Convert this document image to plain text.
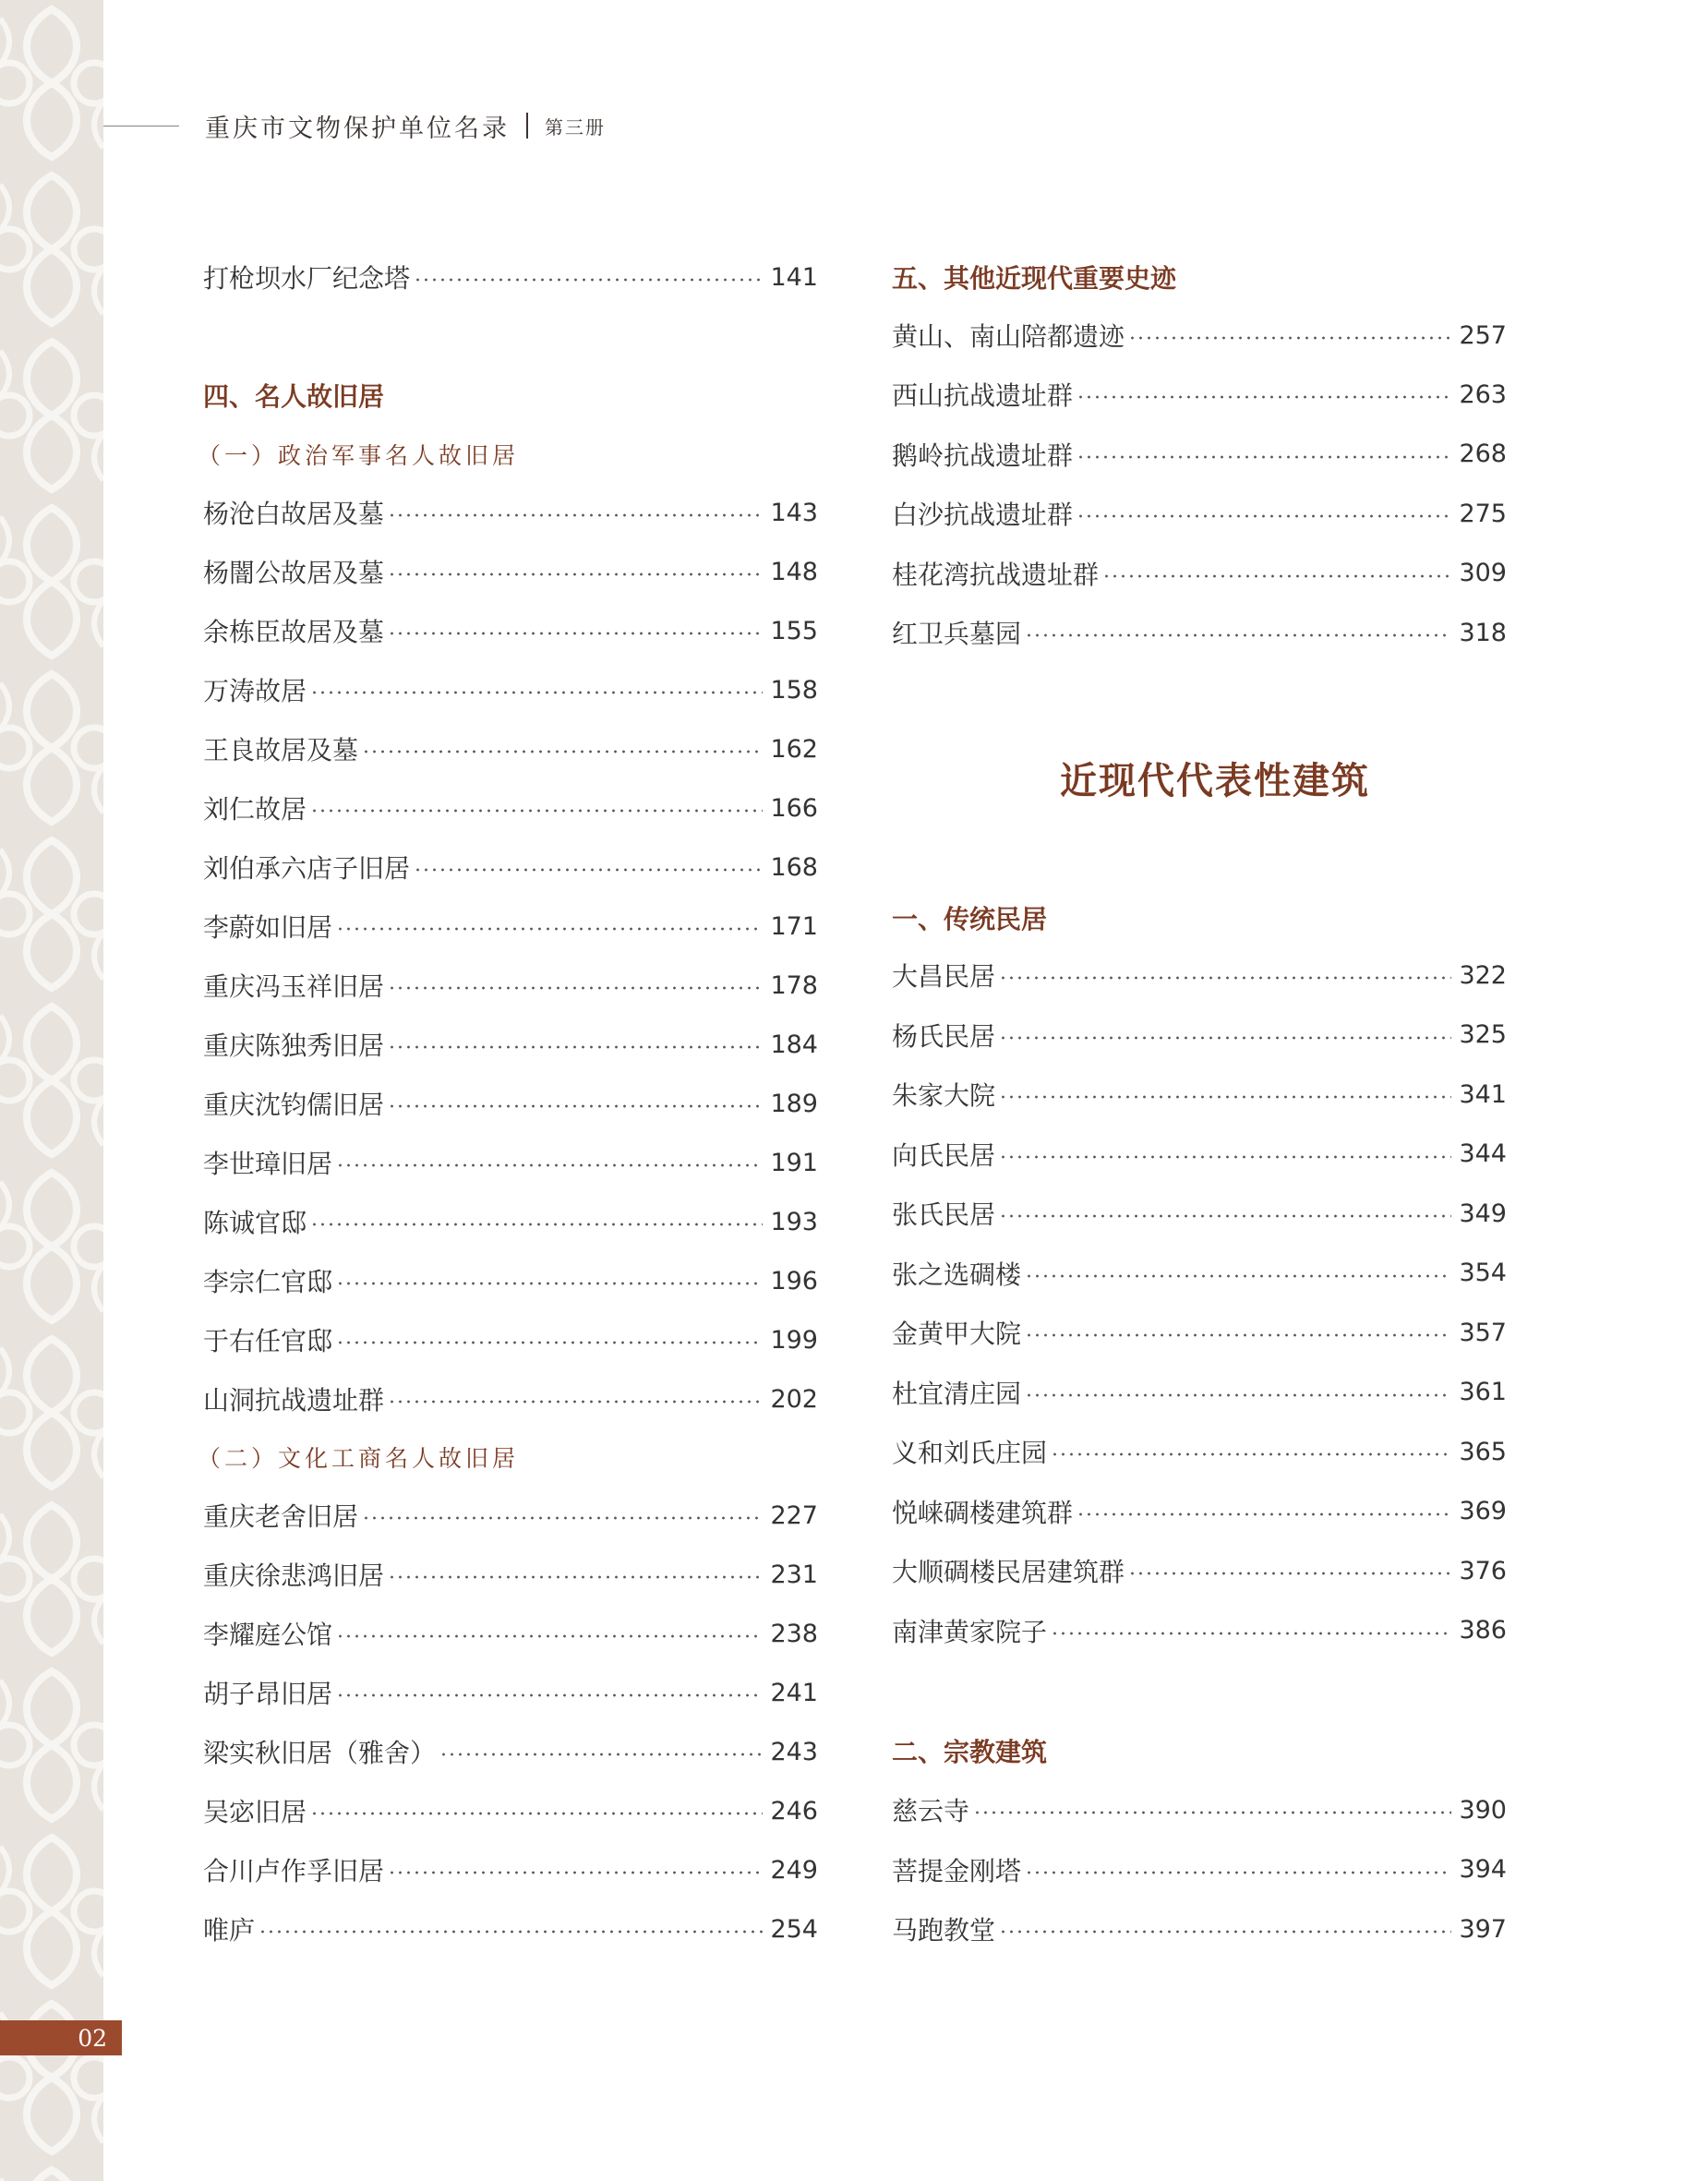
重庆市文物保护单位名录 第三册
打枪坝水厂纪念塔	141
四、名人故旧居
（一）政治军事名人故旧居
杨沧白故居及墓	143
杨闇公故居及墓	148
余栋臣故居及墓	155
万涛故居	158
王良故居及墓	162
刘仁故居	166
刘伯承六店子旧居	168
李蔚如旧居	171
重庆冯玉祥旧居	178
重庆陈独秀旧居	184
重庆沈钧儒旧居	189
李世璋旧居	191
陈诚官邸	193
李宗仁官邸	196
于右任官邸	199
山洞抗战遗址群	202
（二）文化工商名人故旧居
重庆老舍旧居	227
重庆徐悲鸿旧居	231
李耀庭公馆	238
胡子昂旧居	241
梁实秋旧居（雅舍）	243
吴宓旧居	246
合川卢作孚旧居	249
唯庐	254
五、其他近现代重要史迹
黄山、南山陪都遗迹	257
西山抗战遗址群	263
鹅岭抗战遗址群	268
白沙抗战遗址群	275
桂花湾抗战遗址群	309
红卫兵墓园	318
近现代代表性建筑
一、传统民居
大昌民居	322
杨氏民居	325
朱家大院	341
向氏民居	344
张氏民居	349
张之选碉楼	354
金黄甲大院	357
杜宜清庄园	361
义和刘氏庄园	365
悦崃碉楼建筑群	369
大顺碉楼民居建筑群	376
南津黄家院子	386
二、宗教建筑
慈云寺	390
菩提金刚塔	394
马跑教堂	397
02
